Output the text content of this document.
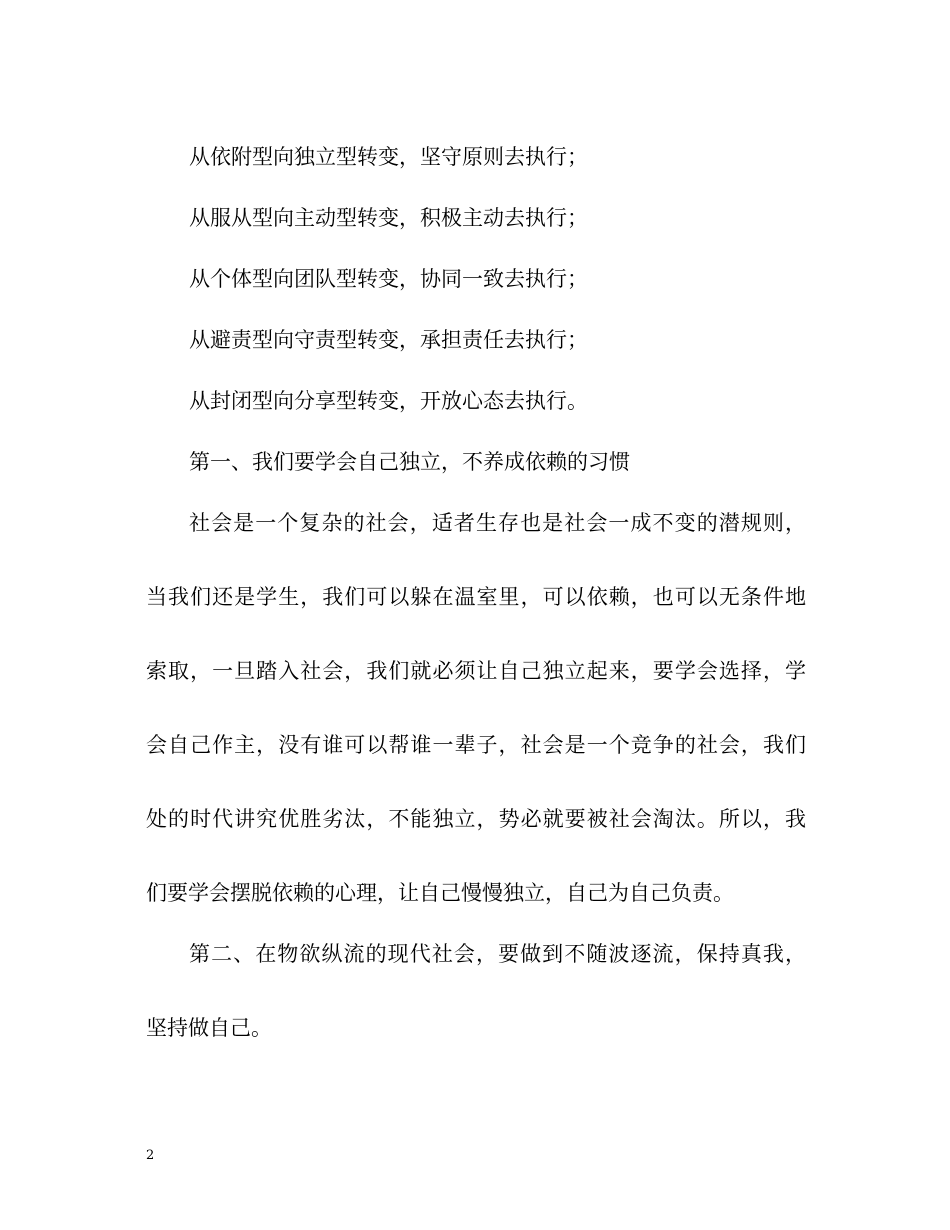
从依附型向独立型转变，坚守原则去执行；
从服从型向主动型转变，积极主动去执行；
从个体型向团队型转变，协同一致去执行；
从避责型向守责型转变，承担责任去执行；
从封闭型向分享型转变，开放心态去执行。
第一、我们要学会自己独立，不养成依赖的习惯
社会是一个复杂的社会，适者生存也是社会一成不变的潜规则，
当我们还是学生，我们可以躲在温室里，可以依赖，也可以无条件地
索取，一旦踏入社会，我们就必须让自己独立起来，要学会选择，学
会自己作主，没有谁可以帮谁一辈子，社会是一个竞争的社会，我们
处的时代讲究优胜劣汰，不能独立，势必就要被社会淘汰。所以，我
们要学会摆脱依赖的心理，让自己慢慢独立，自己为自己负责。
第二、在物欲纵流的现代社会，要做到不随波逐流，保持真我，
坚持做自己。
2
